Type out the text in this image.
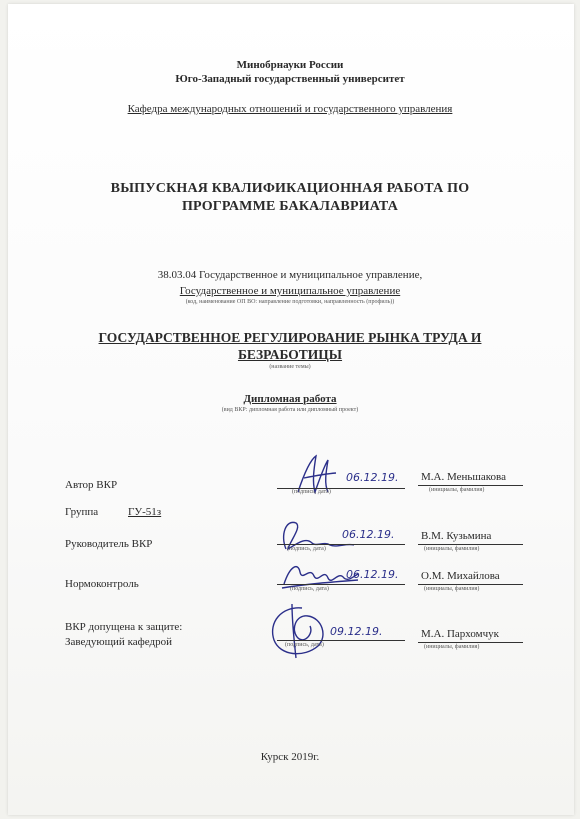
Минобрнауки России
Юго-Западный государственный университет
Кафедра международных отношений и государственного управления
ВЫПУСКНАЯ КВАЛИФИКАЦИОННАЯ РАБОТА ПО
ПРОГРАММЕ БАКАЛАВРИАТА
38.03.04 Государственное и муниципальное управление,
Государственное и муниципальное управление
(код, наименование ОП ВО: направление подготовки, направленность (профиль))
ГОСУДАРСТВЕННОЕ РЕГУЛИРОВАНИЕ РЫНКА ТРУДА И
БЕЗРАБОТИЦЫ
(название темы)
Дипломная работа
(вид ВКР: дипломная работа или дипломный проект)
Автор ВКР
06.12.19.
(подпись, дата)
М.А. Меньшакова
(инициалы, фамилия)
Группа	ГУ-51з
Руководитель ВКР
06.12.19.
(подпись, дата)
В.М. Кузьмина
(инициалы, фамилия)
Нормоконтроль
06.12.19.
(подпись, дата)
О.М. Михайлова
(инициалы, фамилия)
ВКР допущена к защите:
Заведующий кафедрой
09.12.19.
(подпись, дата)
М.А. Пархомчук
(инициалы, фамилия)
Курск 2019г.
